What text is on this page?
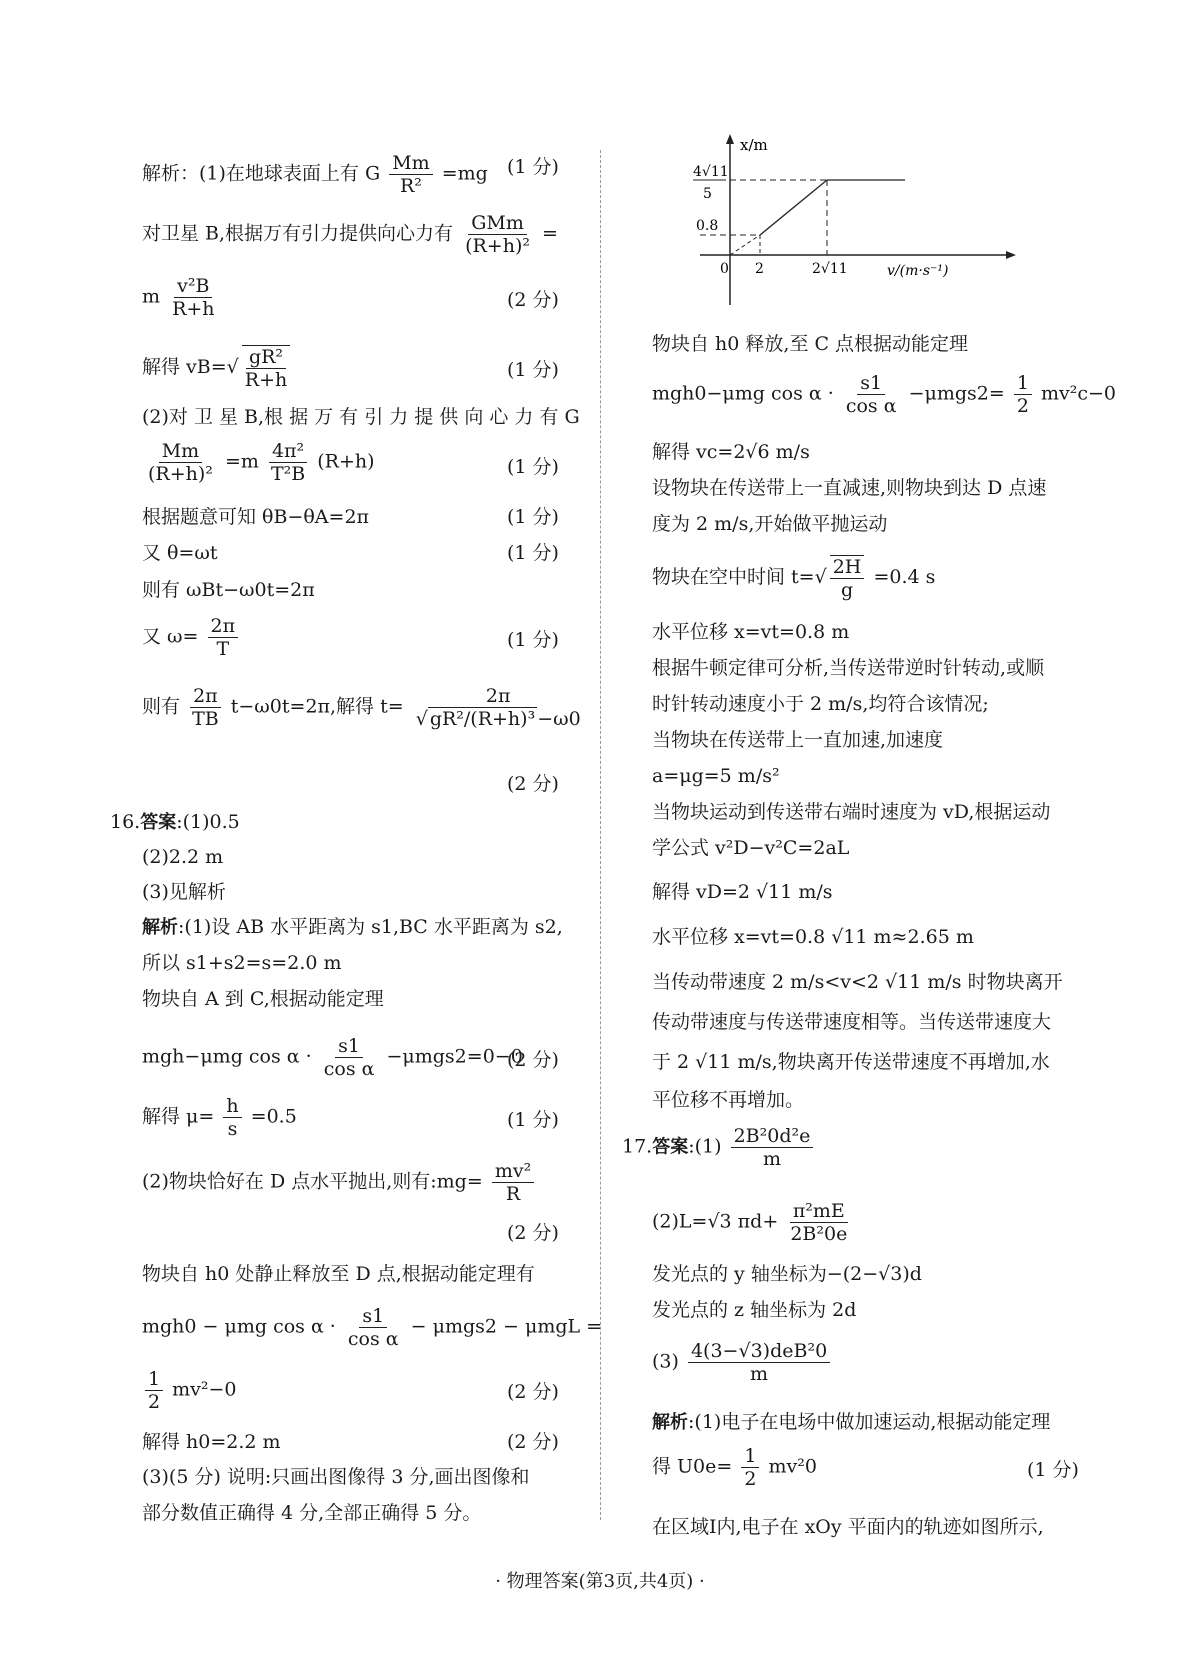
解析：(1)在地球表面上有 G $\frac{Mm}{\text{R²}} =mg$ (1 分)
对卫星 B,根据万有引力提供向心力有 $\frac{\text{GMm}}{\text{(R+h)²}}$ =
m $\frac{\text{v²B}}{R+h}$	(2 分)
解得 $vB=√ \frac{\text{gR²}}{R+h}$	(1 分)
(2)对 卫 星 B,根 据 万 有 引 力 提 供 向 心 力 有 G
$\frac{Mm}{\text{(R+h)²}} =m \frac{\text{4π²}}{\text{T²B}} (R+h)$	(1 分)
根据题意可知 θB−θA=2π	(1 分)
又 θ=ωt	(1 分)
则有 ωBt−ω0t=2π
又 $\omega= \frac{2\pi}{T}$	(1 分)
则有 $\frac{2\pi}{TB} t-\omega 0t=2\pi$,解得 $t= \frac{2\pi}{\text{√ gR²/(R+h)³ −ω0}}$
(2 分)
16.答案:(1)0.5
(2)2.2 m
(3)见解析
解析:(1)设 AB 水平距离为 s1,BC 水平距离为 s2,
所以 s1+s2=s=2.0 m
物块自 A 到 C,根据动能定理
mgh−μmg $\cos \alpha \cdot \frac{s1}{\text{cos α}} -\mu mgs2=0-0$
(2 分)
解得 $\mu= \frac{h}{s} =0.5$	(1 分)
(2)物块恰好在 D 点水平抛出,则有:mg= $\frac{\text{mv²}}{R}$
(2 分)
物块自 h0 处静止释放至 D 点,根据动能定理有
mgh0 − μmg $\cos \alpha \cdot \frac{s1}{\text{cos α}} - \mu mgs2 - \mu mgL$ =
$\frac{1}{2} mv^2-0$	(2 分)
解得 h0=2.2 m	(2 分)
(3)(5 分) 说明:只画出图像得 3 分,画出图像和
部分数值正确得 4 分,全部正确得 5 分。
x/m
v/(m·s⁻¹)
4√11
5
0.8
0 2	2√11
物块自 h0 释放,至 C 点根据动能定理
mgh0−μmg $\cos \alpha \cdot \frac{s1}{\text{cos α}} -\mu mgs2= \frac{1}{2} mv^2c-0$
解得 vc=2√6 m/s
设物块在传送带上一直减速,则物块到达 D 点速
度为 2 m/s,开始做平抛运动
物块在空中时间 $t=√ \frac{2H}{g} =0.4$ s
水平位移 x=vt=0.8 m
根据牛顿定律可分析,当传送带逆时针转动,或顺
时针转动速度小于 2 m/s,均符合该情况;
当物块在传送带上一直加速,加速度
a=μg=5 m/s²
当物块运动到传送带右端时速度为 vD,根据运动
学公式 v²D−v²C=2aL
解得 vD=2 √11 m/s
水平位移 x=vt=0.8 √11 m≈2.65 m
当传动带速度 2 m/s<v<2 √11 m/s 时物块离开
传动带速度与传送带速度相等。当传送带速度大
于 2 √11 m/s,物块离开传送带速度不再增加,水
平位移不再增加。
17.答案:(1) $\frac{\text{2B²0d²e}}{m}$
(2)L=√3 $\pi d+ \frac{\text{π²mE}}{\text{2B²0e}}$
发光点的 y 轴坐标为−(2−√3)d
发光点的 z 轴坐标为 2d
$(3) \frac{\text{4(3−√3)deB²0}}{m}$
解析:(1)电子在电场中做加速运动,根据动能定理
得 $U0e= \frac{1}{2} mv^20$	(1 分)
在区域Ⅰ内,电子在 xOy 平面内的轨迹如图所示,
· 物理答案(第3页,共4页) ·
